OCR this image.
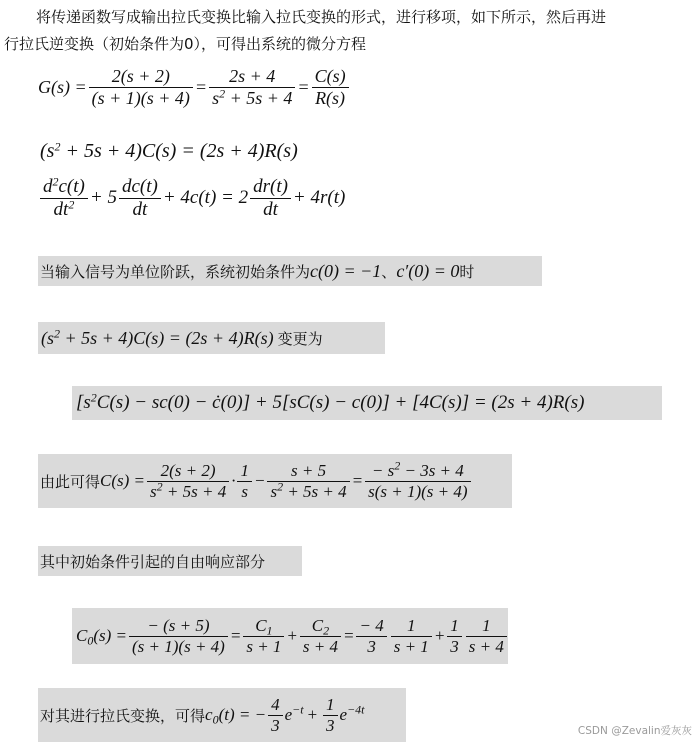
将传递函数写成输出拉氏变换比输入拉氏变换的形式，进行移项，如下所示，然后再进
行拉氏逆变换（初始条件为0），可得出系统的微分方程
$G(s) = \frac{2(s + 2)}{(s + 1)(s + 4)} = \frac{2s + 4}{s^2 + 5s + 4} = \frac{C(s)}{R(s)}$
$(s^2 + 5s + 4)C(s) = (2s + 4)R(s)$
$\frac{d^2c(t)}{dt^2} + 5 \frac{dc(t)}{dt} + 4c(t) = 2 \frac{dr(t)}{dt} + 4r(t)$
当输入信号为单位阶跃，系统初始条件为 c(0) = −1 、 c′(0) = 0 时
$(s^2 + 5s + 4)C(s) = (2s + 4)R(s)$ 变更为
[$s^2C(s) - sc(0)$ − ċ(0)] + 5[sC(s) − c(0)] + [4C(s)] = (2s + 4)R(s)
由此可得 $C(s) = \frac{2(s + 2)}{s^2 + 5s + 4} \cdot \frac{1}{s} - \frac{s + 5}{s^2 + 5s + 4} = \frac{- s^2 - 3s + 4}{s(s + 1)(s + 4)}$
其中初始条件引起的自由响应部分
$C_0(s) = \frac{- (s + 5)}{(s + 1)(s + 4)} = \frac{C_1}{s + 1} + \frac{C_2}{s + 4} = \frac{- 4}{3} \frac{1}{s + 1} + \frac{1}{3} \frac{1}{s + 4}$
对其进行拉氏变换，可得 $c_0(t)$ = − $\frac{4}{3} e^{-t} + \frac{1}{3} e^{-4t}$
CSDN @Zevalin爱灰灰
